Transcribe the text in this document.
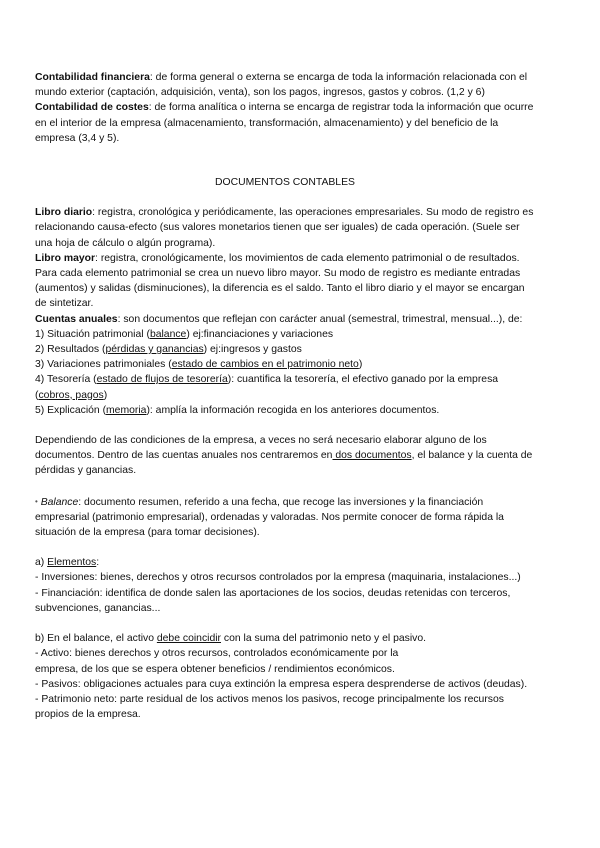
Contabilidad financiera: de forma general o externa se encarga de toda la información relacionada con el mundo exterior (captación, adquisición, venta), son los pagos, ingresos, gastos y cobros. (1,2 y 6)

Contabilidad de costes: de forma analítica o interna se encarga de registrar toda la información que ocurre en el interior de la empresa (almacenamiento, transformación, almacenamiento) y del beneficio de la empresa (3,4 y 5).

DOCUMENTOS CONTABLES

Libro diario: registra, cronológica y periódicamente, las operaciones empresariales. Su modo de registro es relacionando causa-efecto (sus valores monetarios tienen que ser iguales) de cada operación. (Suele ser una hoja de cálculo o algún programa).

Libro mayor: registra, cronológicamente, los movimientos de cada elemento patrimonial o de resultados. Para cada elemento patrimonial se crea un nuevo libro mayor. Su modo de registro es mediante entradas (aumentos) y salidas (disminuciones), la diferencia es el saldo. Tanto el libro diario y el mayor se encargan de sintetizar.

Cuentas anuales: son documentos que reflejan con carácter anual (semestral, trimestral, mensual...), de:

1) Situación patrimonial (balance) ej:financiaciones y variaciones

2) Resultados (pérdidas y ganancias) ej:ingresos y gastos

3) Variaciones patrimoniales (estado de cambios en el patrimonio neto)

4) Tesorería (estado de flujos de tesorería): cuantifica la tesorería, el efectivo ganado por la empresa (cobros, pagos)

5) Explicación (memoria): amplía la información recogida en los anteriores documentos.

Dependiendo de las condiciones de la empresa, a veces no será necesario elaborar alguno de los documentos. Dentro de las cuentas anuales nos centraremos en dos documentos, el balance y la cuenta de pérdidas y ganancias.

• Balance: documento resumen, referido a una fecha, que recoge las inversiones y la financiación empresarial (patrimonio empresarial), ordenadas y valoradas. Nos permite conocer de forma rápida la situación de la empresa (para tomar decisiones).

a) Elementos:

- Inversiones: bienes, derechos y otros recursos controlados por la empresa (maquinaria, instalaciones...)

- Financiación: identifica de donde salen las aportaciones de los socios, deudas retenidas con terceros, subvenciones, ganancias...

b) En el balance, el activo debe coincidir con la suma del patrimonio neto y el pasivo.

- Activo: bienes derechos y otros recursos, controlados económicamente por la

empresa, de los que se espera obtener beneficios / rendimientos económicos.

- Pasivos: obligaciones actuales para cuya extinción la empresa espera desprenderse de activos (deudas).

- Patrimonio neto: parte residual de los activos menos los pasivos, recoge principalmente los recursos propios de la empresa.
